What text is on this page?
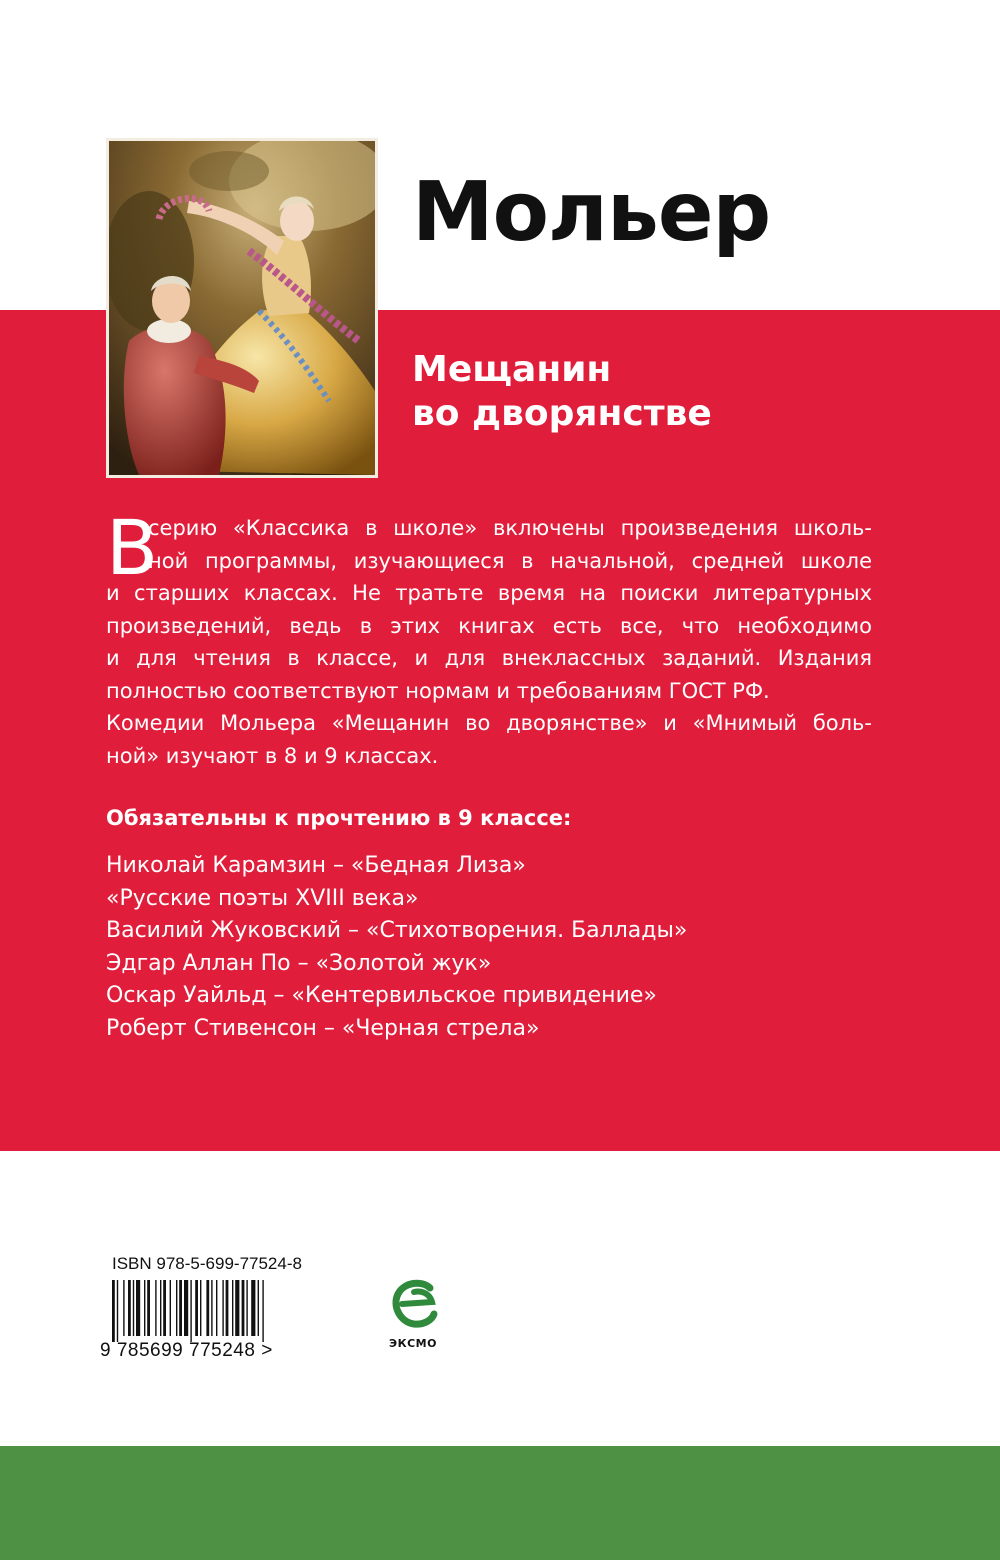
Мольер
Мещанин
во дворянстве
В
серию «Классика в школе» включены произведения школь-
ной программы, изучающиеся в начальной, средней школе
и старших классах. Не тратьте время на поиски литературных
произведений, ведь в этих книгах есть все, что необходимо
и для чтения в классе, и для внеклассных заданий. Издания
полностью соответствуют нормам и требованиям ГОСТ РФ.
Комедии Мольера «Мещанин во дворянстве» и «Мнимый боль-
ной» изучают в 8 и 9 классах.
Обязательны к прочтению в 9 классе:
Николай Карамзин – «Бедная Лиза»
«Русские поэты XVIII века»
Василий Жуковский – «Стихотворения. Баллады»
Эдгар Аллан По – «Золотой жук»
Оскар Уайльд – «Кентервильское привидение»
Роберт Стивенсон – «Черная стрела»

ISBN 978-5-699-77524-8

9 785699 775248 >	ЭКСМО
